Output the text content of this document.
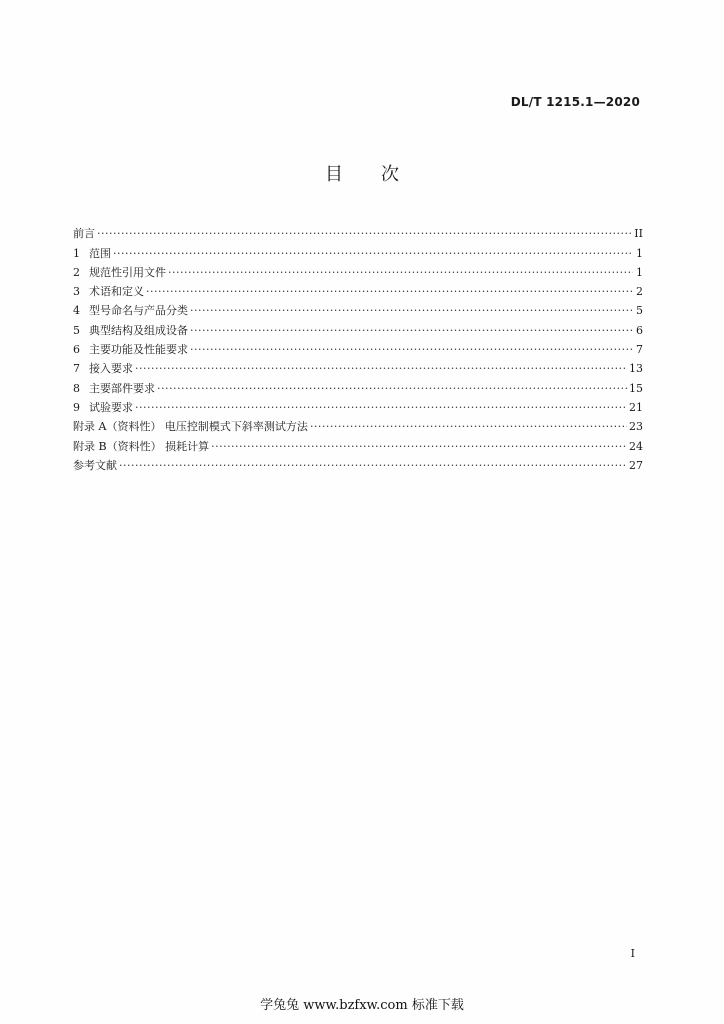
DL/T 1215.1—2020
目次
前言 ·····	II
1 范围 ·····	1
2 规范性引用文件 ·····	1
3 术语和定义 ·····	2
4 型号命名与产品分类 ·····	5
5 典型结构及组成设备 ·····	6
6 主要功能及性能要求 ·····	7
7 接入要求 ·····	13
8 主要部件要求 ·····	15
9 试验要求 ·····	21
附录 A（资料性） 电压控制模式下斜率测试方法 ·····	23
附录 B（资料性） 损耗计算 ·····	24
参考文献 ·····	27
I
学兔兔 www.bzfxw.com 标准下载
